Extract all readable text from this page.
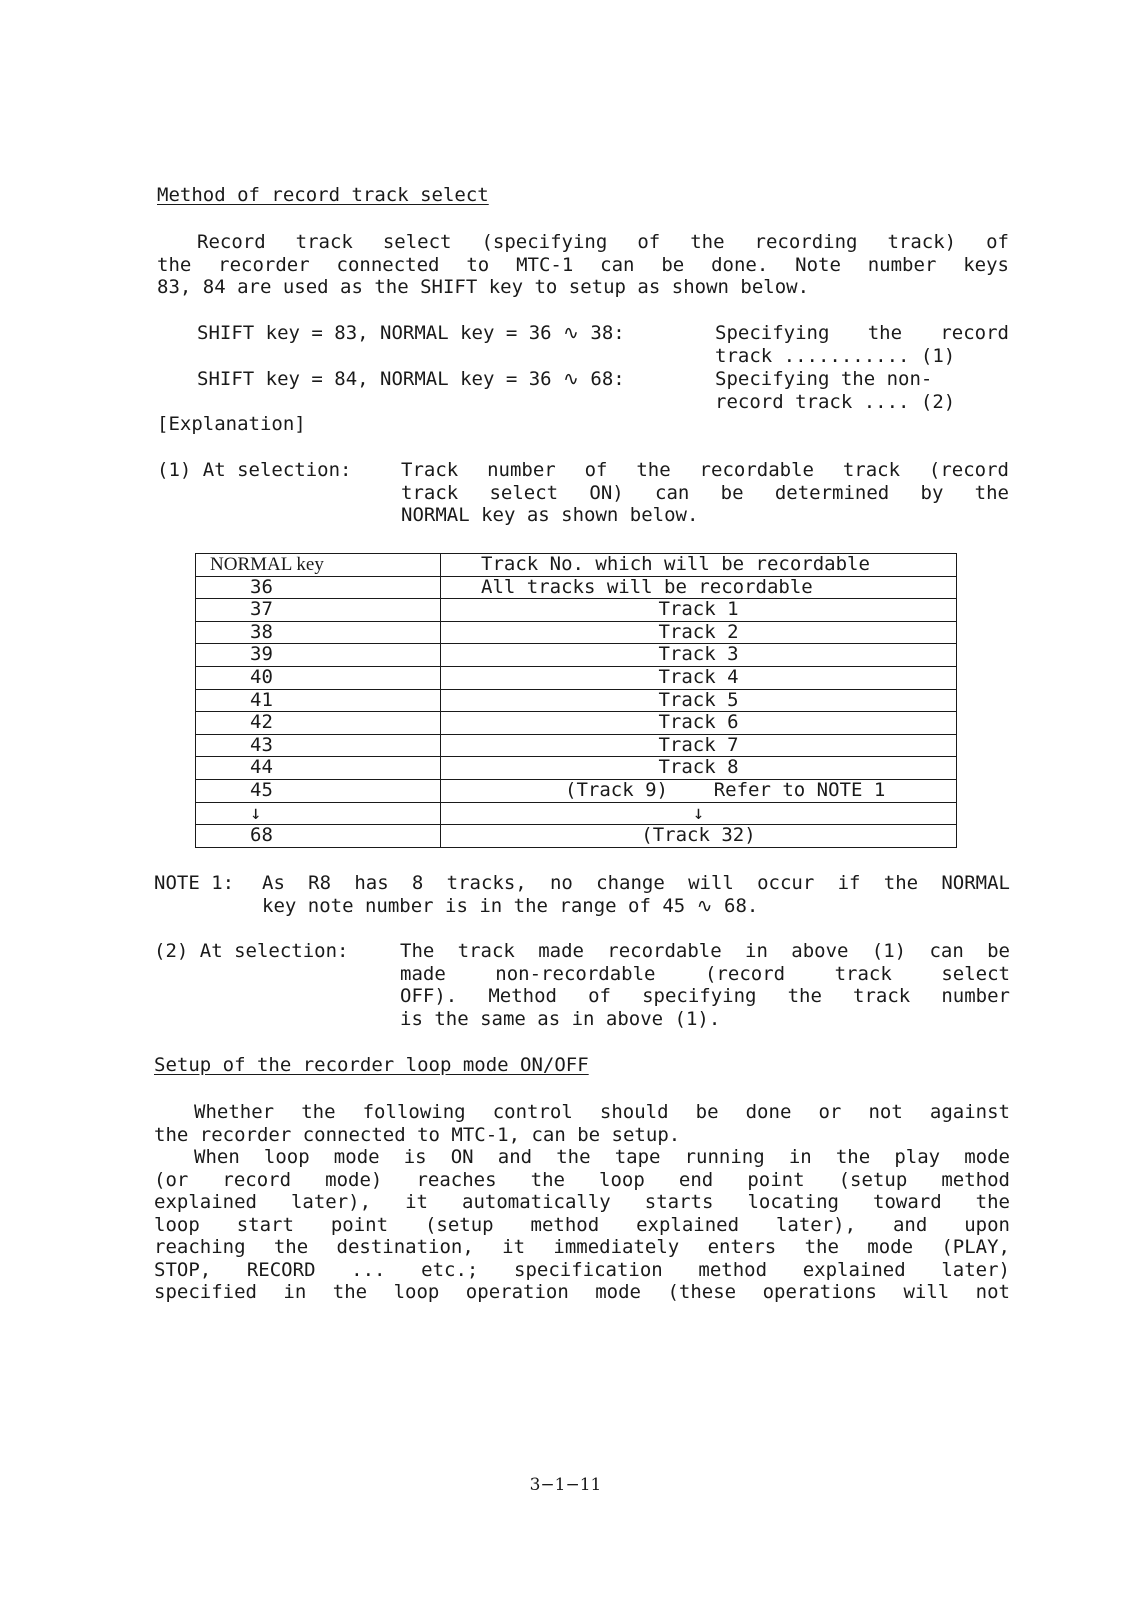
Method of record track select
Record track select (specifying of the recording track) of
the recorder connected to MTC-1 can be done. Note number keys
83, 84 are used as the SHIFT key to setup as shown below.
SHIFT key = 83, NORMAL key = 36 ∿ 38:	Specifying the record
track ........... (1)
SHIFT key = 84, NORMAL key = 36 ∿ 68:	Specifying the non-
record track .... (2)
[Explanation]
(1) At selection:	Track number of the recordable track (record
track select ON) can be determined by the
NORMAL key as shown below.
NORMAL key	Track No. which will be recordable
36	All tracks will be recordable
37	Track 1
38	Track 2
39	Track 3
40	Track 4
41	Track 5
42	Track 6
43	Track 7
44	Track 8
45	(Track 9)    Refer to NOTE 1
↓	↓
68	(Track 32)
NOTE 1: As R8 has 8 tracks, no change will occur if the NORMAL
key note number is in the range of 45 ∿ 68.
(2) At selection:	The track made recordable in above (1) can be
made non-recordable (record track select
OFF). Method of specifying the track number
is the same as in above (1).
Setup of the recorder loop mode ON/OFF
Whether the following control should be done or not against
the recorder connected to MTC-1, can be setup.
When loop mode is ON and the tape running in the play mode
(or record mode) reaches the loop end point (setup method
explained later), it automatically starts locating toward the
loop start point (setup method explained later), and upon
reaching the destination, it immediately enters the mode (PLAY,
STOP, RECORD ... etc.; specification method explained later)
specified in the loop operation mode (these operations will not
3−1−11
